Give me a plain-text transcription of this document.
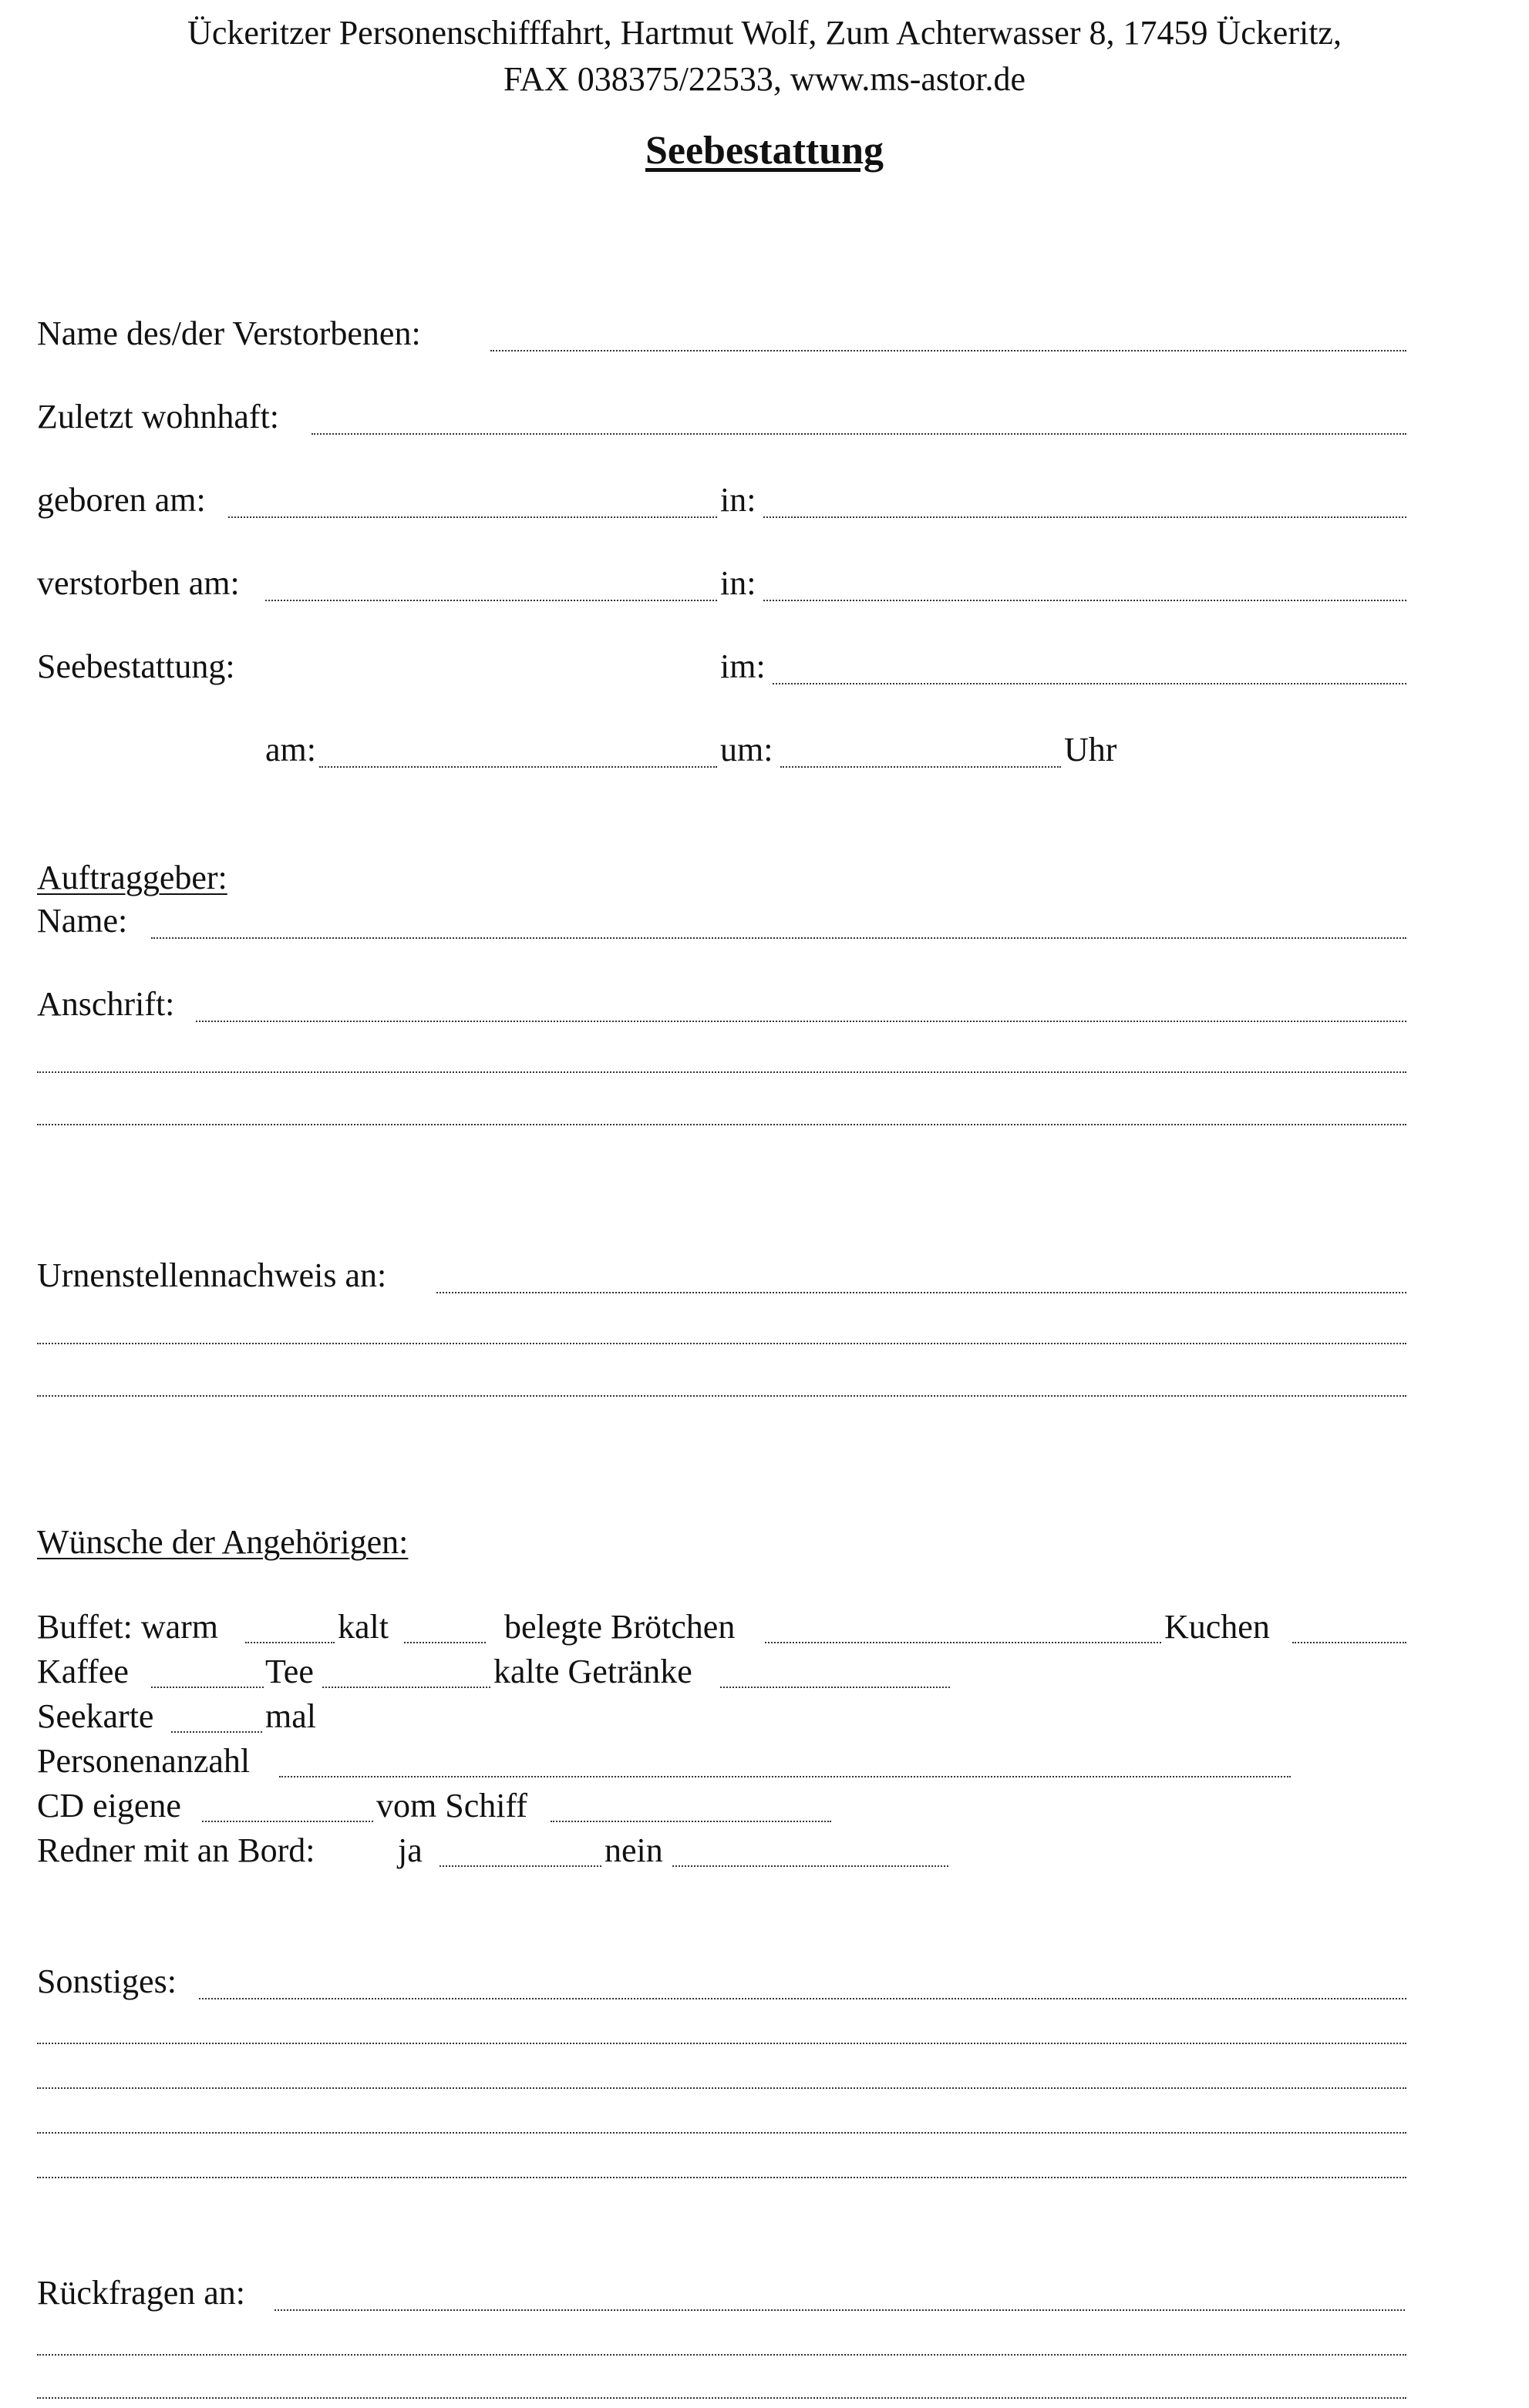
Ückeritzer Personenschifffahrt, Hartmut Wolf, Zum Achterwasser 8, 17459 Ückeritz,
FAX 038375/22533, www.ms-astor.de
Seebestattung
Name des/der Verstorbenen:
Zuletzt wohnhaft:
geboren am:	in:
verstorben am:	in:
Seebestattung:	im:
am:	um:	Uhr
Auftraggeber:
Name:
Anschrift:
Urnenstellennachweis an:
Wünsche der Angehörigen:
Buffet: warm	kalt	belegte Brötchen	Kuchen
Kaffee	Tee	kalte Getränke
Seekarte	mal
Personenanzahl
CD eigene	vom Schiff
Redner mit an Bord: ja	nein
Sonstiges:
Rückfragen an:
